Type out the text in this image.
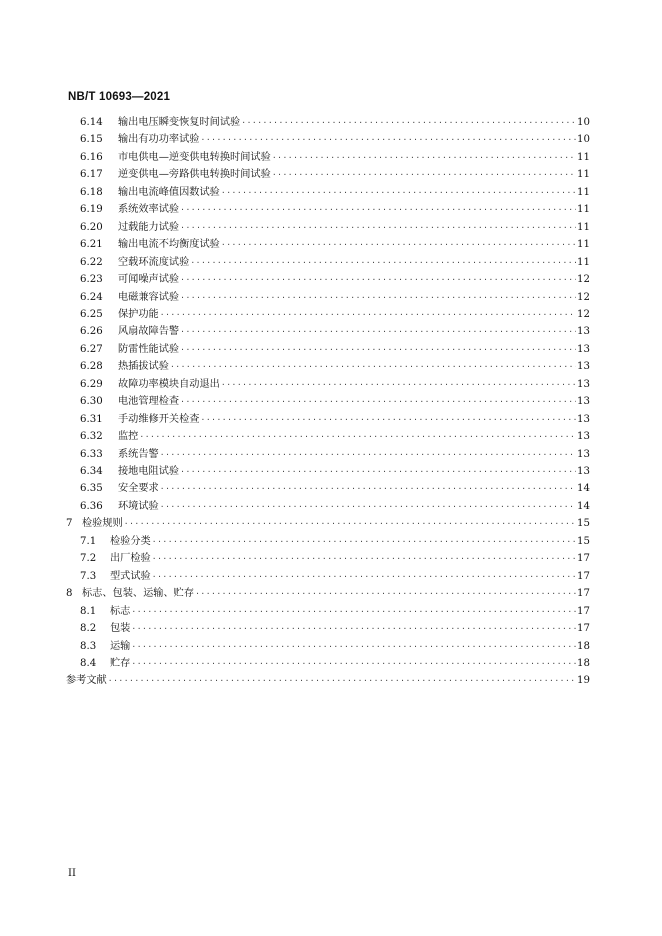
NB/T 10693—2021
6.14	输出电压瞬变恢复时间试验 ·····	10
6.15	输出有功功率试验 ·····	10
6.16	市电供电—逆变供电转换时间试验 ·····	11
6.17	逆变供电—旁路供电转换时间试验 ·····	11
6.18	输出电流峰值因数试验 ·····	11
6.19	系统效率试验 ·····	11
6.20	过载能力试验 ·····	11
6.21	输出电流不均衡度试验 ·····	11
6.22	空载环流度试验 ·····	11
6.23	可闻噪声试验 ·····	12
6.24	电磁兼容试验 ·····	12
6.25	保护功能 ·····	12
6.26	风扇故障告警 ·····	13
6.27	防雷性能试验 ·····	13
6.28	热插拔试验 ·····	13
6.29	故障功率模块自动退出 ·····	13
6.30	电池管理检查 ·····	13
6.31	手动维修开关检查 ·····	13
6.32	监控 ·····	13
6.33	系统告警 ·····	13
6.34	接地电阻试验 ·····	13
6.35	安全要求 ·····	14
6.36	环境试验 ·····	14
7 检验规则 ·····	15
7.1	检验分类 ·····	15
7.2	出厂检验 ·····	17
7.3	型式试验 ·····	17
8 标志、包装、运输、贮存 ·····	17
8.1	标志 ·····	17
8.2	包装 ·····	17
8.3	运输 ·····	18
8.4	贮存 ·····	18
参考文献 ·····	19
II
